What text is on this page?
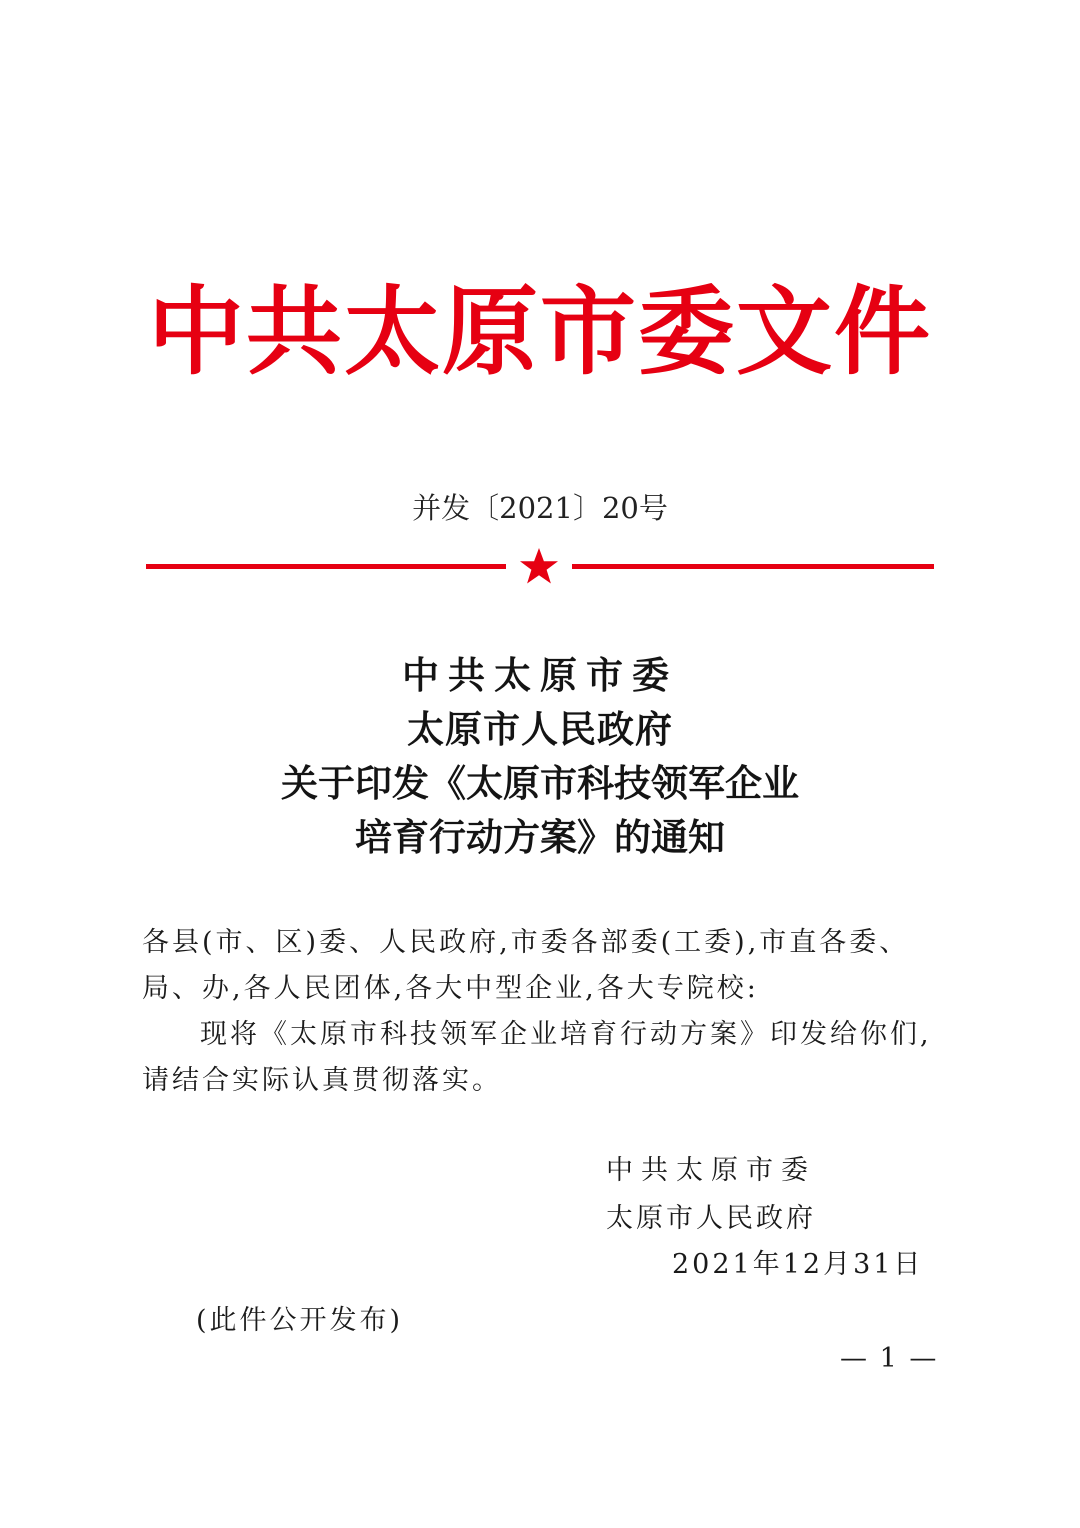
中共太原市委文件
并发〔2021〕20号
中共太原市委
太原市人民政府
关于印发《太原市科技领军企业
培育行动方案》的通知
各县(市、区)委、人民政府,市委各部委(工委),市直各委、
局、办,各人民团体,各大中型企业,各大专院校:
现将《太原市科技领军企业培育行动方案》印发给你们,
请结合实际认真贯彻落实。
中共太原市委
太原市人民政府
2021年12月31日
(此件公开发布)
— 1 —
